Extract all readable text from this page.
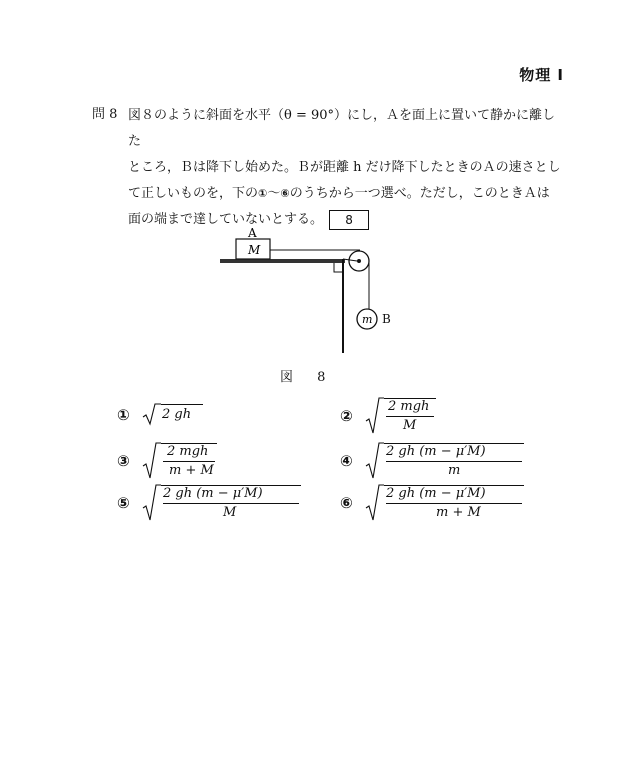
物理 I
問 8 図８のように斜面を水平（θ = 90°）にし，Ａを面上に置いて静かに離した

ところ，Ｂは降下し始めた。Ｂが距離 h だけ降下したときのＡの速さとし

て正しいものを，下の①〜⑥のうちから一つ選べ。ただし，このときＡは

面の端まで達していないとする。 8

A
M
m B
図 8
① 2 gh	②
2 mgh
M
③
2 mgh
m + M
④
2 gh (m − μ′M)
m
⑤
2 gh (m − μ′M)
M
⑥
2 gh (m − μ′M)
m + M
